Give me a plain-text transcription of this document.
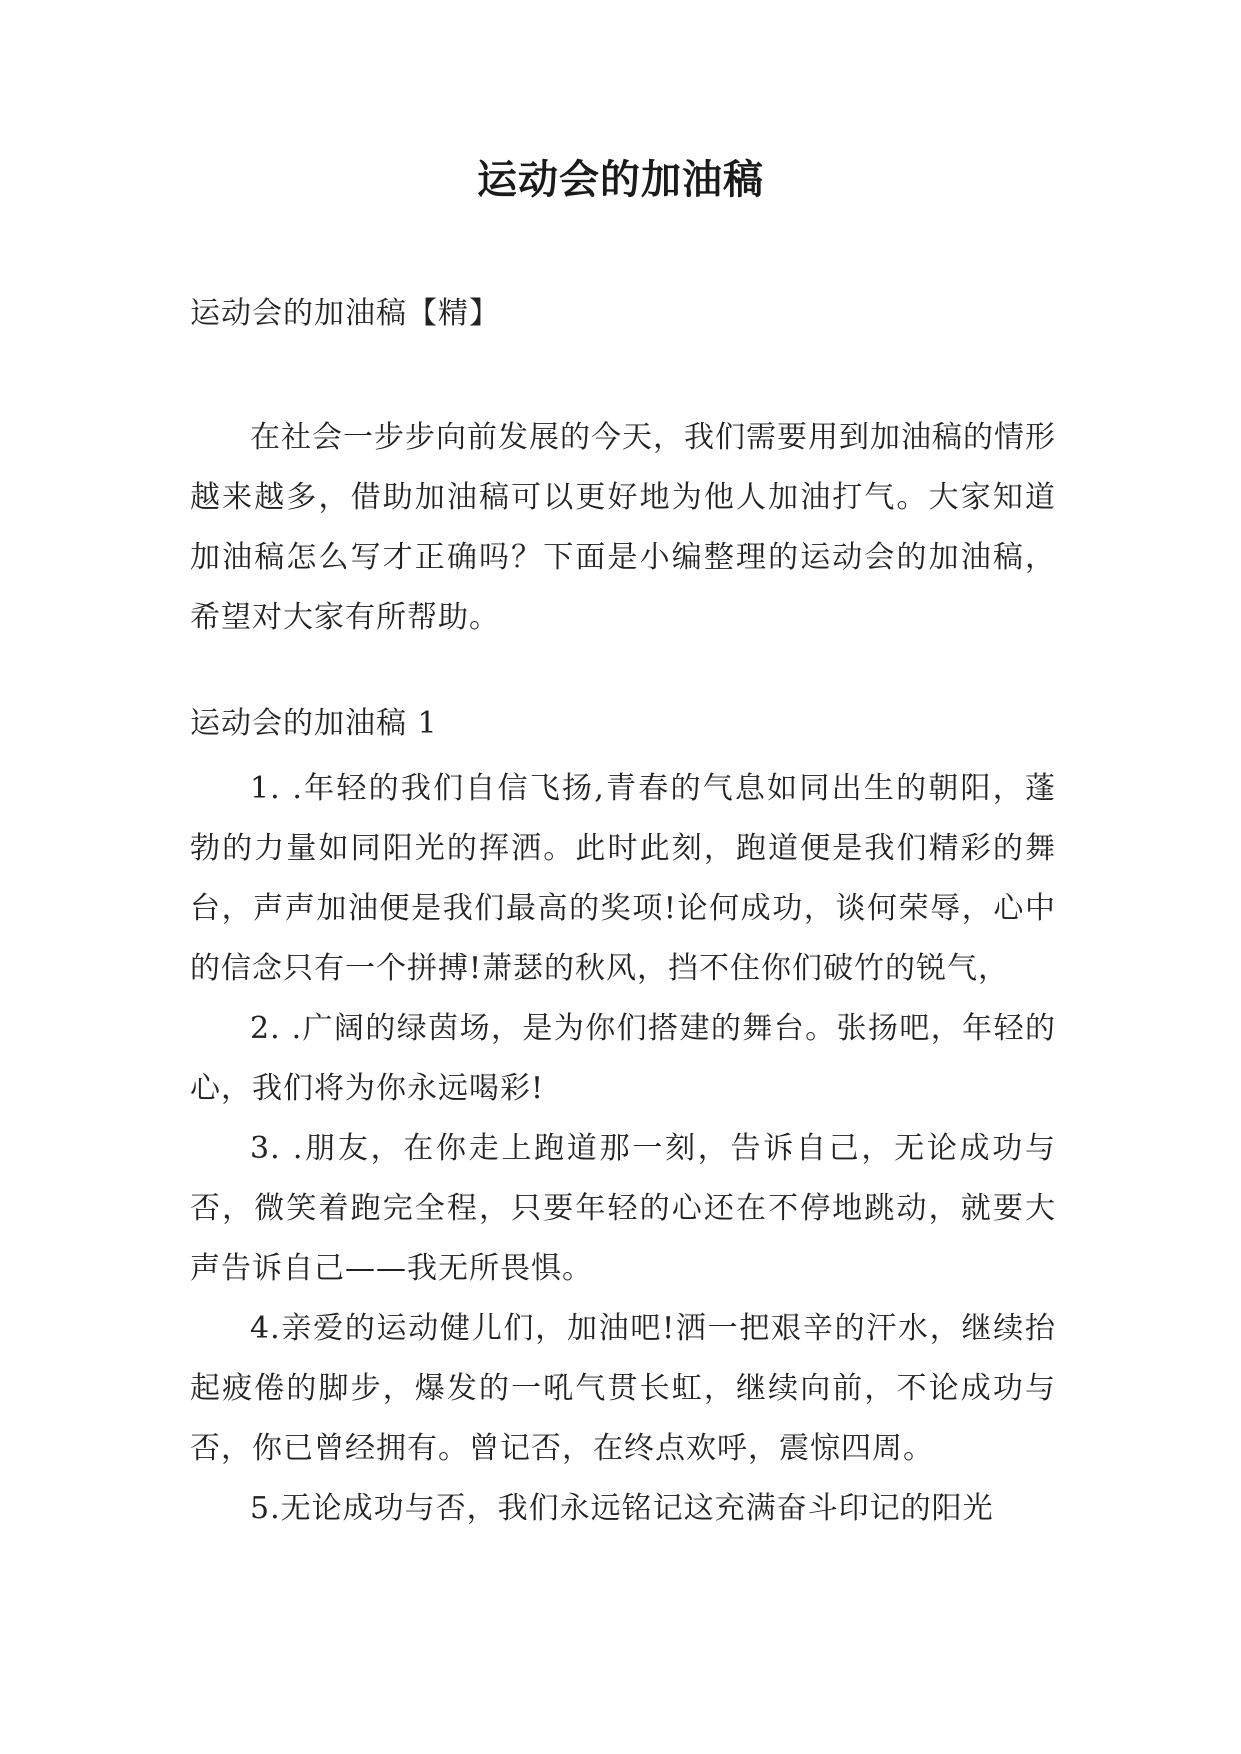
运动会的加油稿

运动会的加油稿【精】

在社会一步步向前发展的今天，我们需要用到加油稿的情形越来越多，借助加油稿可以更好地为他人加油打气。大家知道加油稿怎么写才正确吗？下面是小编整理的运动会的加油稿，希望对大家有所帮助。

运动会的加油稿 1

1. .年轻的我们自信飞扬,青春的气息如同出生的朝阳，蓬勃的力量如同阳光的挥洒。此时此刻，跑道便是我们精彩的舞台，声声加油便是我们最高的奖项!论何成功，谈何荣辱，心中的信念只有一个拼搏!萧瑟的秋风，挡不住你们破竹的锐气，
2. .广阔的绿茵场，是为你们搭建的舞台。张扬吧，年轻的心，我们将为你永远喝彩!
3. .朋友，在你走上跑道那一刻，告诉自己，无论成功与否，微笑着跑完全程，只要年轻的心还在不停地跳动，就要大声告诉自己——我无所畏惧。
4.亲爱的运动健儿们，加油吧!洒一把艰辛的汗水，继续抬起疲倦的脚步，爆发的一吼气贯长虹，继续向前，不论成功与否，你已曾经拥有。曾记否，在终点欢呼，震惊四周。
5.无论成功与否，我们永远铭记这充满奋斗印记的阳光
